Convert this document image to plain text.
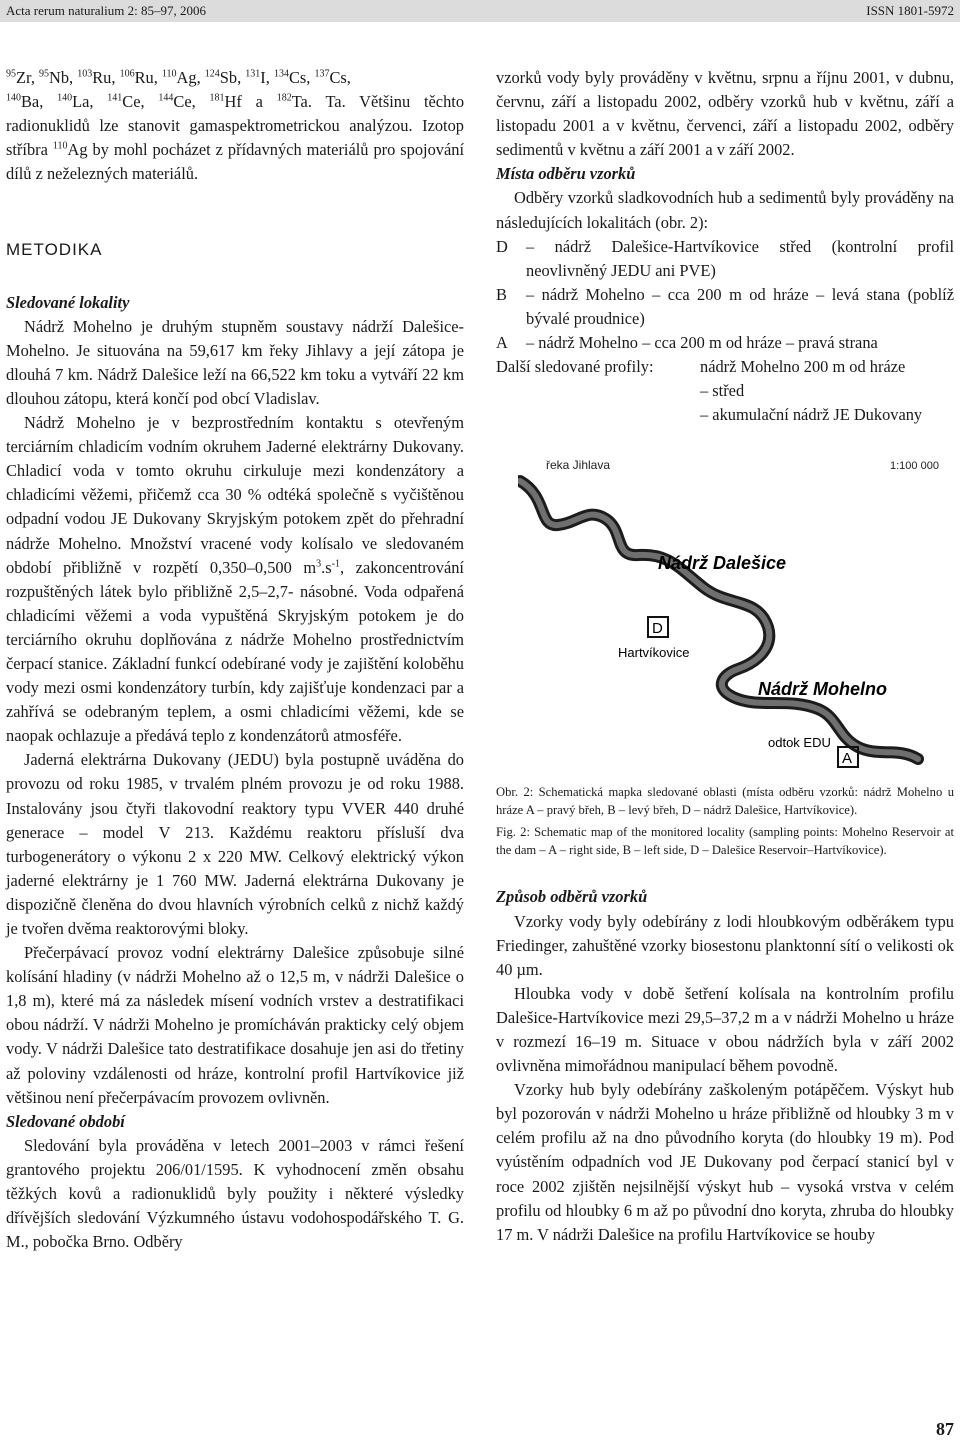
Acta rerum naturalium 2: 85–97, 2006	ISSN 1801-5972

$^{95}$Zr, $^{95}$Nb, $^{103}$Ru, $^{106}$Ru, $^{110}$Ag, $^{124}$Sb, $^{131}$I, $^{134}$Cs, $^{137}$Cs,
$^{140}$Ba, $^{140}$La, $^{141}$Ce, $^{144}$Ce, $^{181}$Hf a $^{182}$Ta. Ta. Většinu těchto radionuklidů lze stanovit gamaspektrometrickou analýzou. Izotop stříbra $^{110}$Ag by mohl pocházet z přídavných materiálů pro spojování dílů z neželezných materiálů.

METODIKA

Sledované lokality

Nádrž Mohelno je druhým stupněm soustavy nádrží Dalešice-Mohelno. Je situována na 59,617 km řeky Jihlavy a její zátopa je dlouhá 7 km. Nádrž Dalešice leží na 66,522 km toku a vytváří 22 km dlouhou zátopu, která končí pod obcí Vladislav.

Nádrž Mohelno je v bezprostředním kontaktu s otevřeným terciárním chladicím vodním okruhem Jaderné elektrárny Dukovany. Chladicí voda v tomto okruhu cirkuluje mezi kondenzátory a chladicími věžemi, přičemž cca 30 % odtéká společně s vyčištěnou odpadní vodou JE Dukovany Skryjským potokem zpět do přehradní nádrže Mohelno. Množství vracené vody kolísalo ve sledovaném období přibližně v rozpětí 0,350–0,500 $m^3.s^{-1}$, zakoncentrování rozpuštěných látek bylo přibližně 2,5–2,7- násobné. Voda odpařená chladicími věžemi a voda vypuštěná Skryjským potokem je do terciárního okruhu doplňována z nádrže Mohelno prostřednictvím čerpací stanice. Základní funkcí odebírané vody je zajištění koloběhu vody mezi osmi kondenzátory turbín, kdy zajišťuje kondenzaci par a zahřívá se odebraným teplem, a osmi chladicími věžemi, kde se naopak ochlazuje a předává teplo z kondenzátorů atmosféře.

Jaderná elektrárna Dukovany (JEDU) byla postupně uváděna do provozu od roku 1985, v trvalém plném provozu je od roku 1988. Instalovány jsou čtyři tlakovodní reaktory typu VVER 440 druhé generace – model V 213. Každému reaktoru přísluší dva turbogenerátory o výkonu 2 x 220 MW. Celkový elektrický výkon jaderné elektrárny je 1 760 MW. Jaderná elektrárna Dukovany je dispozičně členěna do dvou hlavních výrobních celků z nichž každý je tvořen dvěma reaktorovými bloky.

Přečerpávací provoz vodní elektrárny Dalešice způsobuje silné kolísání hladiny (v nádrži Mohelno až o 12,5 m, v nádrži Dalešice o 1,8 m), které má za následek mísení vodních vrstev a destratifikaci obou nádrží. V nádrži Mohelno je promícháván prakticky celý objem vody. V nádrži Dalešice tato destratifikace dosahuje jen asi do třetiny až poloviny vzdálenosti od hráze, kontrolní profil Hartvíkovice již většinou není přečerpávacím provozem ovlivněn.

Sledované období

Sledování byla prováděna v letech 2001–2003 v rámci řešení grantového projektu 206/01/1595. K vyhodnocení změn obsahu těžkých kovů a radionuklidů byly použity i některé výsledky dřívějších sledování Výzkumného ústavu vodohospodářského T. G. M., pobočka Brno. Odběry

vzorků vody byly prováděny v květnu, srpnu a říjnu 2001, v dubnu, červnu, září a listopadu 2002, odběry vzorků hub v květnu, září a listopadu 2001 a v květnu, červenci, září a listopadu 2002, odběry sedimentů v květnu a září 2001 a v září 2002.

Místa odběru vzorků

Odběry vzorků sladkovodních hub a sedimentů byly prováděny na následujících lokalitách (obr. 2):

D	– nádrž Dalešice-Hartvíkovice střed (kontrolní profil neovlivněný JEDU ani PVE)
B	– nádrž Mohelno – cca 200 m od hráze – levá stana (poblíž bývalé proudnice)
A	– nádrž Mohelno – cca 200 m od hráze – pravá strana
Další sledované profily:	nádrž Mohelno 200 m od hráze
– střed
– akumulační nádrž JE Dukovany
D
A
řeka Jihlava	1:100 000
Nádrž Dalešice
Hartvíkovice
Nádrž Mohelno
odtok EDU

Obr. 2: Schematická mapka sledované oblasti (místa odběru vzorků: nádrž Mohelno u hráze A – pravý břeh, B – levý břeh, D – nádrž Dalešice, Hartvíkovice).

Fig. 2: Schematic map of the monitored locality (sampling points: Mohelno Reservoir at the dam – A – right side, B – left side, D – Dalešice Reservoir–Hartvíkovice).

Způsob odběrů vzorků

Vzorky vody byly odebírány z lodi hloubkovým odběrákem typu Friedinger, zahuštěné vzorky biosestonu planktonní sítí o velikosti ok 40 µm.

Hloubka vody v době šetření kolísala na kontrolním profilu Dalešice-Hartvíkovice mezi 29,5–37,2 m a v nádrži Mohelno u hráze v rozmezí 16–19 m. Situace v obou nádržích byla v září 2002 ovlivněna mimořádnou manipulací během povodně.

Vzorky hub byly odebírány zaškoleným potápěčem. Výskyt hub byl pozorován v nádrži Mohelno u hráze přibližně od hloubky 3 m v celém profilu až na dno původního koryta (do hloubky 19 m). Pod vyústěním odpadních vod JE Dukovany pod čerpací stanicí byl v roce 2002 zjištěn nejsilnější výskyt hub – vysoká vrstva v celém profilu od hloubky 6 m až po původní dno koryta, zhruba do hloubky 17 m. V nádrži Dalešice na profilu Hartvíkovice se houby

87
